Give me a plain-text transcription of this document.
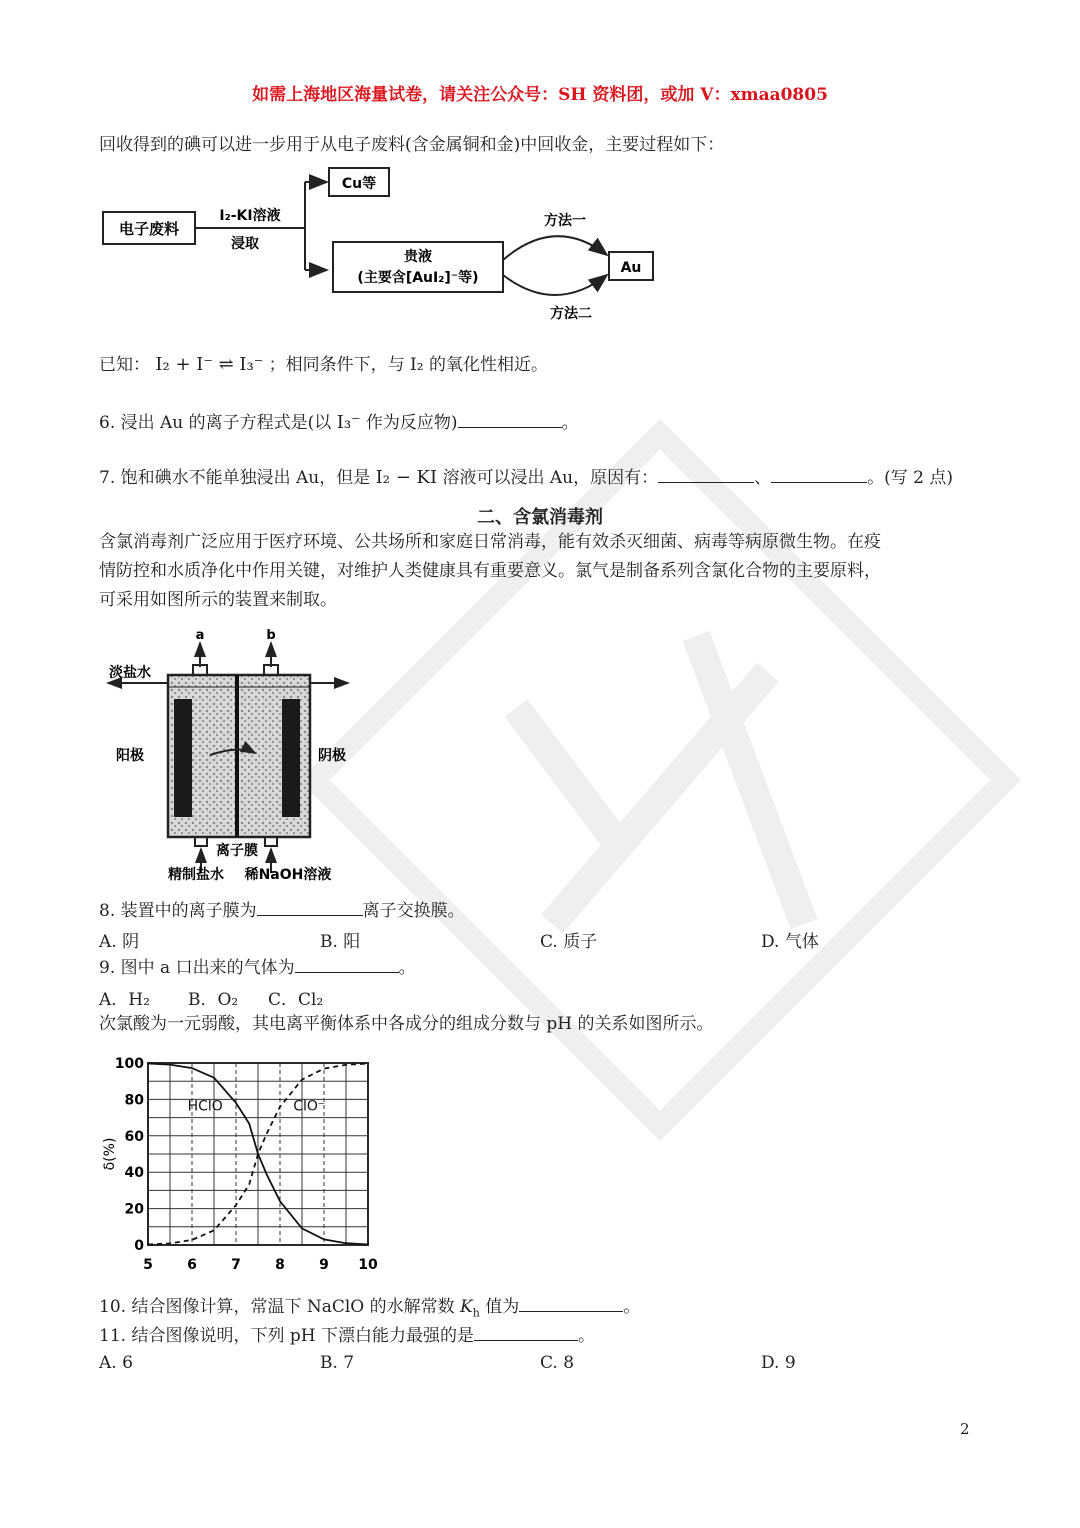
如需上海地区海量试卷，请关注公众号：SH 资料团，或加 V：xmaa0805
回收得到的碘可以进一步用于从电子废料(含金属铜和金)中回收金，主要过程如下：
电子废料
I₂-KI溶液
浸取
Cu等
贵液
(主要含[AuI₂]⁻等)
方法一
方法二
Au
已知： I₂ + I⁻ ⇌ I₃⁻ ；相同条件下，与 I₂ 的氧化性相近。
6. 浸出 Au 的离子方程式是(以 I₃⁻ 作为反应物)	。
7. 饱和碘水不能单独浸出 Au，但是 I₂ − KI 溶液可以浸出 Au，原因有：	、	。(写 2 点)
二、含氯消毒剂
含氯消毒剂广泛应用于医疗环境、公共场所和家庭日常消毒，能有效杀灭细菌、病毒等病原微生物。在疫
情防控和水质净化中作用关键，对维护人类健康具有重要意义。氯气是制备系列含氯化合物的主要原料，
可采用如图所示的装置来制取。
a	b
淡盐水
阳极	阴极
离子膜
精制盐水 稀NaOH溶液
8. 装置中的离子膜为	离子交换膜。
A. 阴	B. 阳	C. 质子	D. 气体
9. 图中 a 口出来的气体为	。
A．H₂ B．O₂ C．Cl₂
次氯酸为一元弱酸，其电离平衡体系中各成分的组成分数与 pH 的关系如图所示。
5 6 7 8 9 10
0
20
40
60
80
100
HClO	ClO⁻
δ(%)
10. 结合图像计算，常温下 NaClO 的水解常数 $K_h$ 值为	。
11. 结合图像说明，下列 pH 下漂白能力最强的是	。
A. 6	B. 7	C. 8	D. 9
2
